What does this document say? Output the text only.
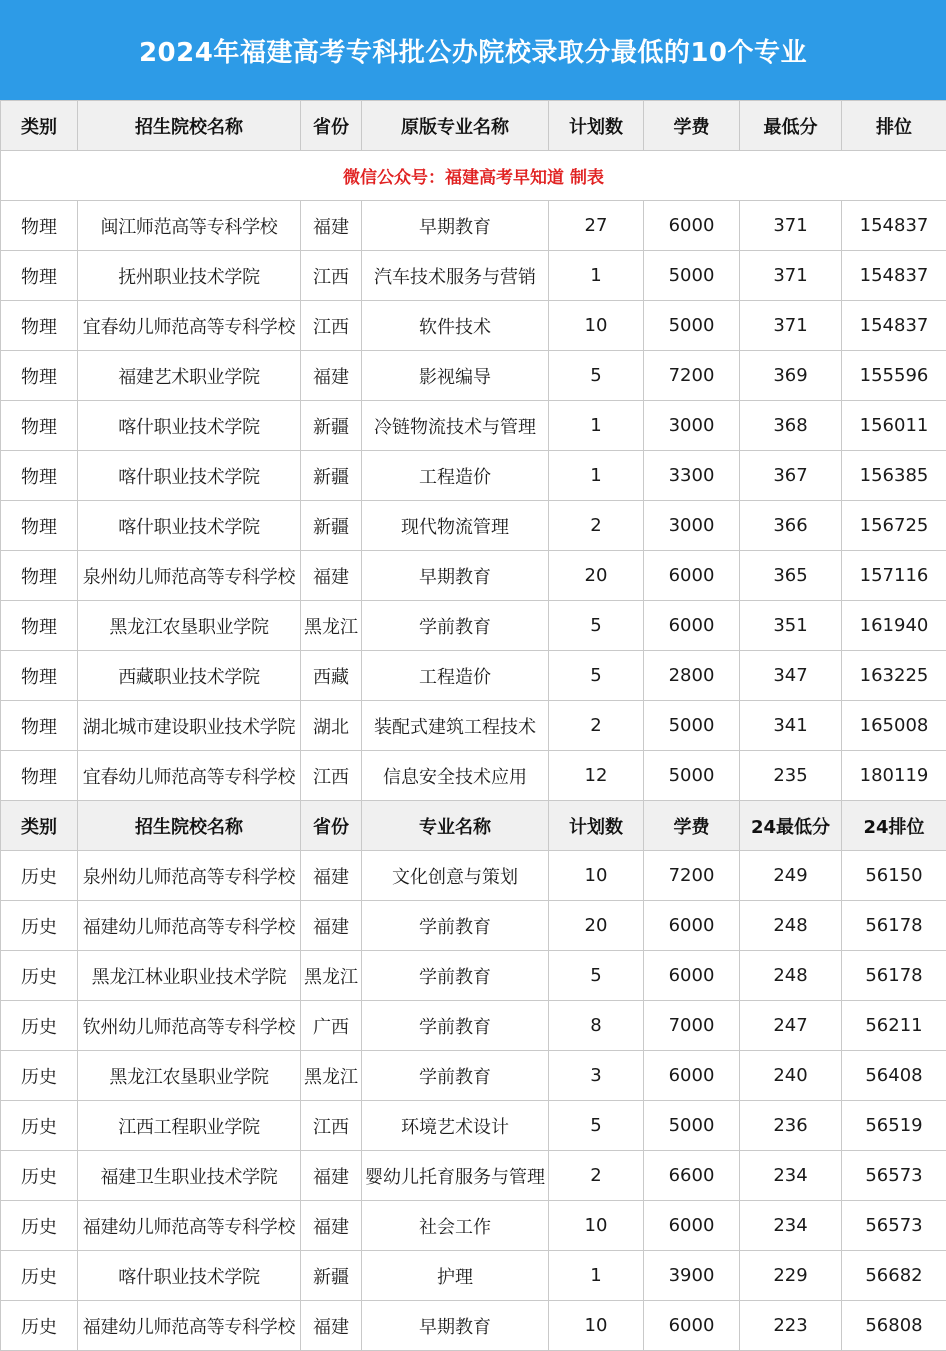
2024年福建高考专科批公办院校录取分最低的10个专业
类别	招生院校名称	省份	原版专业名称	计划数	学费	最低分	排位
微信公众号：福建高考早知道 制表							
物理	闽江师范高等专科学校	福建	早期教育	27	6000	371	154837
物理	抚州职业技术学院	江西	汽车技术服务与营销	1	5000	371	154837
物理	宜春幼儿师范高等专科学校	江西	软件技术	10	5000	371	154837
物理	福建艺术职业学院	福建	影视编导	5	7200	369	155596
物理	喀什职业技术学院	新疆	冷链物流技术与管理	1	3000	368	156011
物理	喀什职业技术学院	新疆	工程造价	1	3300	367	156385
物理	喀什职业技术学院	新疆	现代物流管理	2	3000	366	156725
物理	泉州幼儿师范高等专科学校	福建	早期教育	20	6000	365	157116
物理	黑龙江农垦职业学院	黑龙江	学前教育	5	6000	351	161940
物理	西藏职业技术学院	西藏	工程造价	5	2800	347	163225
物理	湖北城市建设职业技术学院	湖北	装配式建筑工程技术	2	5000	341	165008
物理	宜春幼儿师范高等专科学校	江西	信息安全技术应用	12	5000	235	180119
类别	招生院校名称	省份	专业名称	计划数	学费	24最低分	24排位
历史	泉州幼儿师范高等专科学校	福建	文化创意与策划	10	7200	249	56150
历史	福建幼儿师范高等专科学校	福建	学前教育	20	6000	248	56178
历史	黑龙江林业职业技术学院	黑龙江	学前教育	5	6000	248	56178
历史	钦州幼儿师范高等专科学校	广西	学前教育	8	7000	247	56211
历史	黑龙江农垦职业学院	黑龙江	学前教育	3	6000	240	56408
历史	江西工程职业学院	江西	环境艺术设计	5	5000	236	56519
历史	福建卫生职业技术学院	福建	婴幼儿托育服务与管理	2	6600	234	56573
历史	福建幼儿师范高等专科学校	福建	社会工作	10	6000	234	56573
历史	喀什职业技术学院	新疆	护理	1	3900	229	56682
历史	福建幼儿师范高等专科学校	福建	早期教育	10	6000	223	56808
